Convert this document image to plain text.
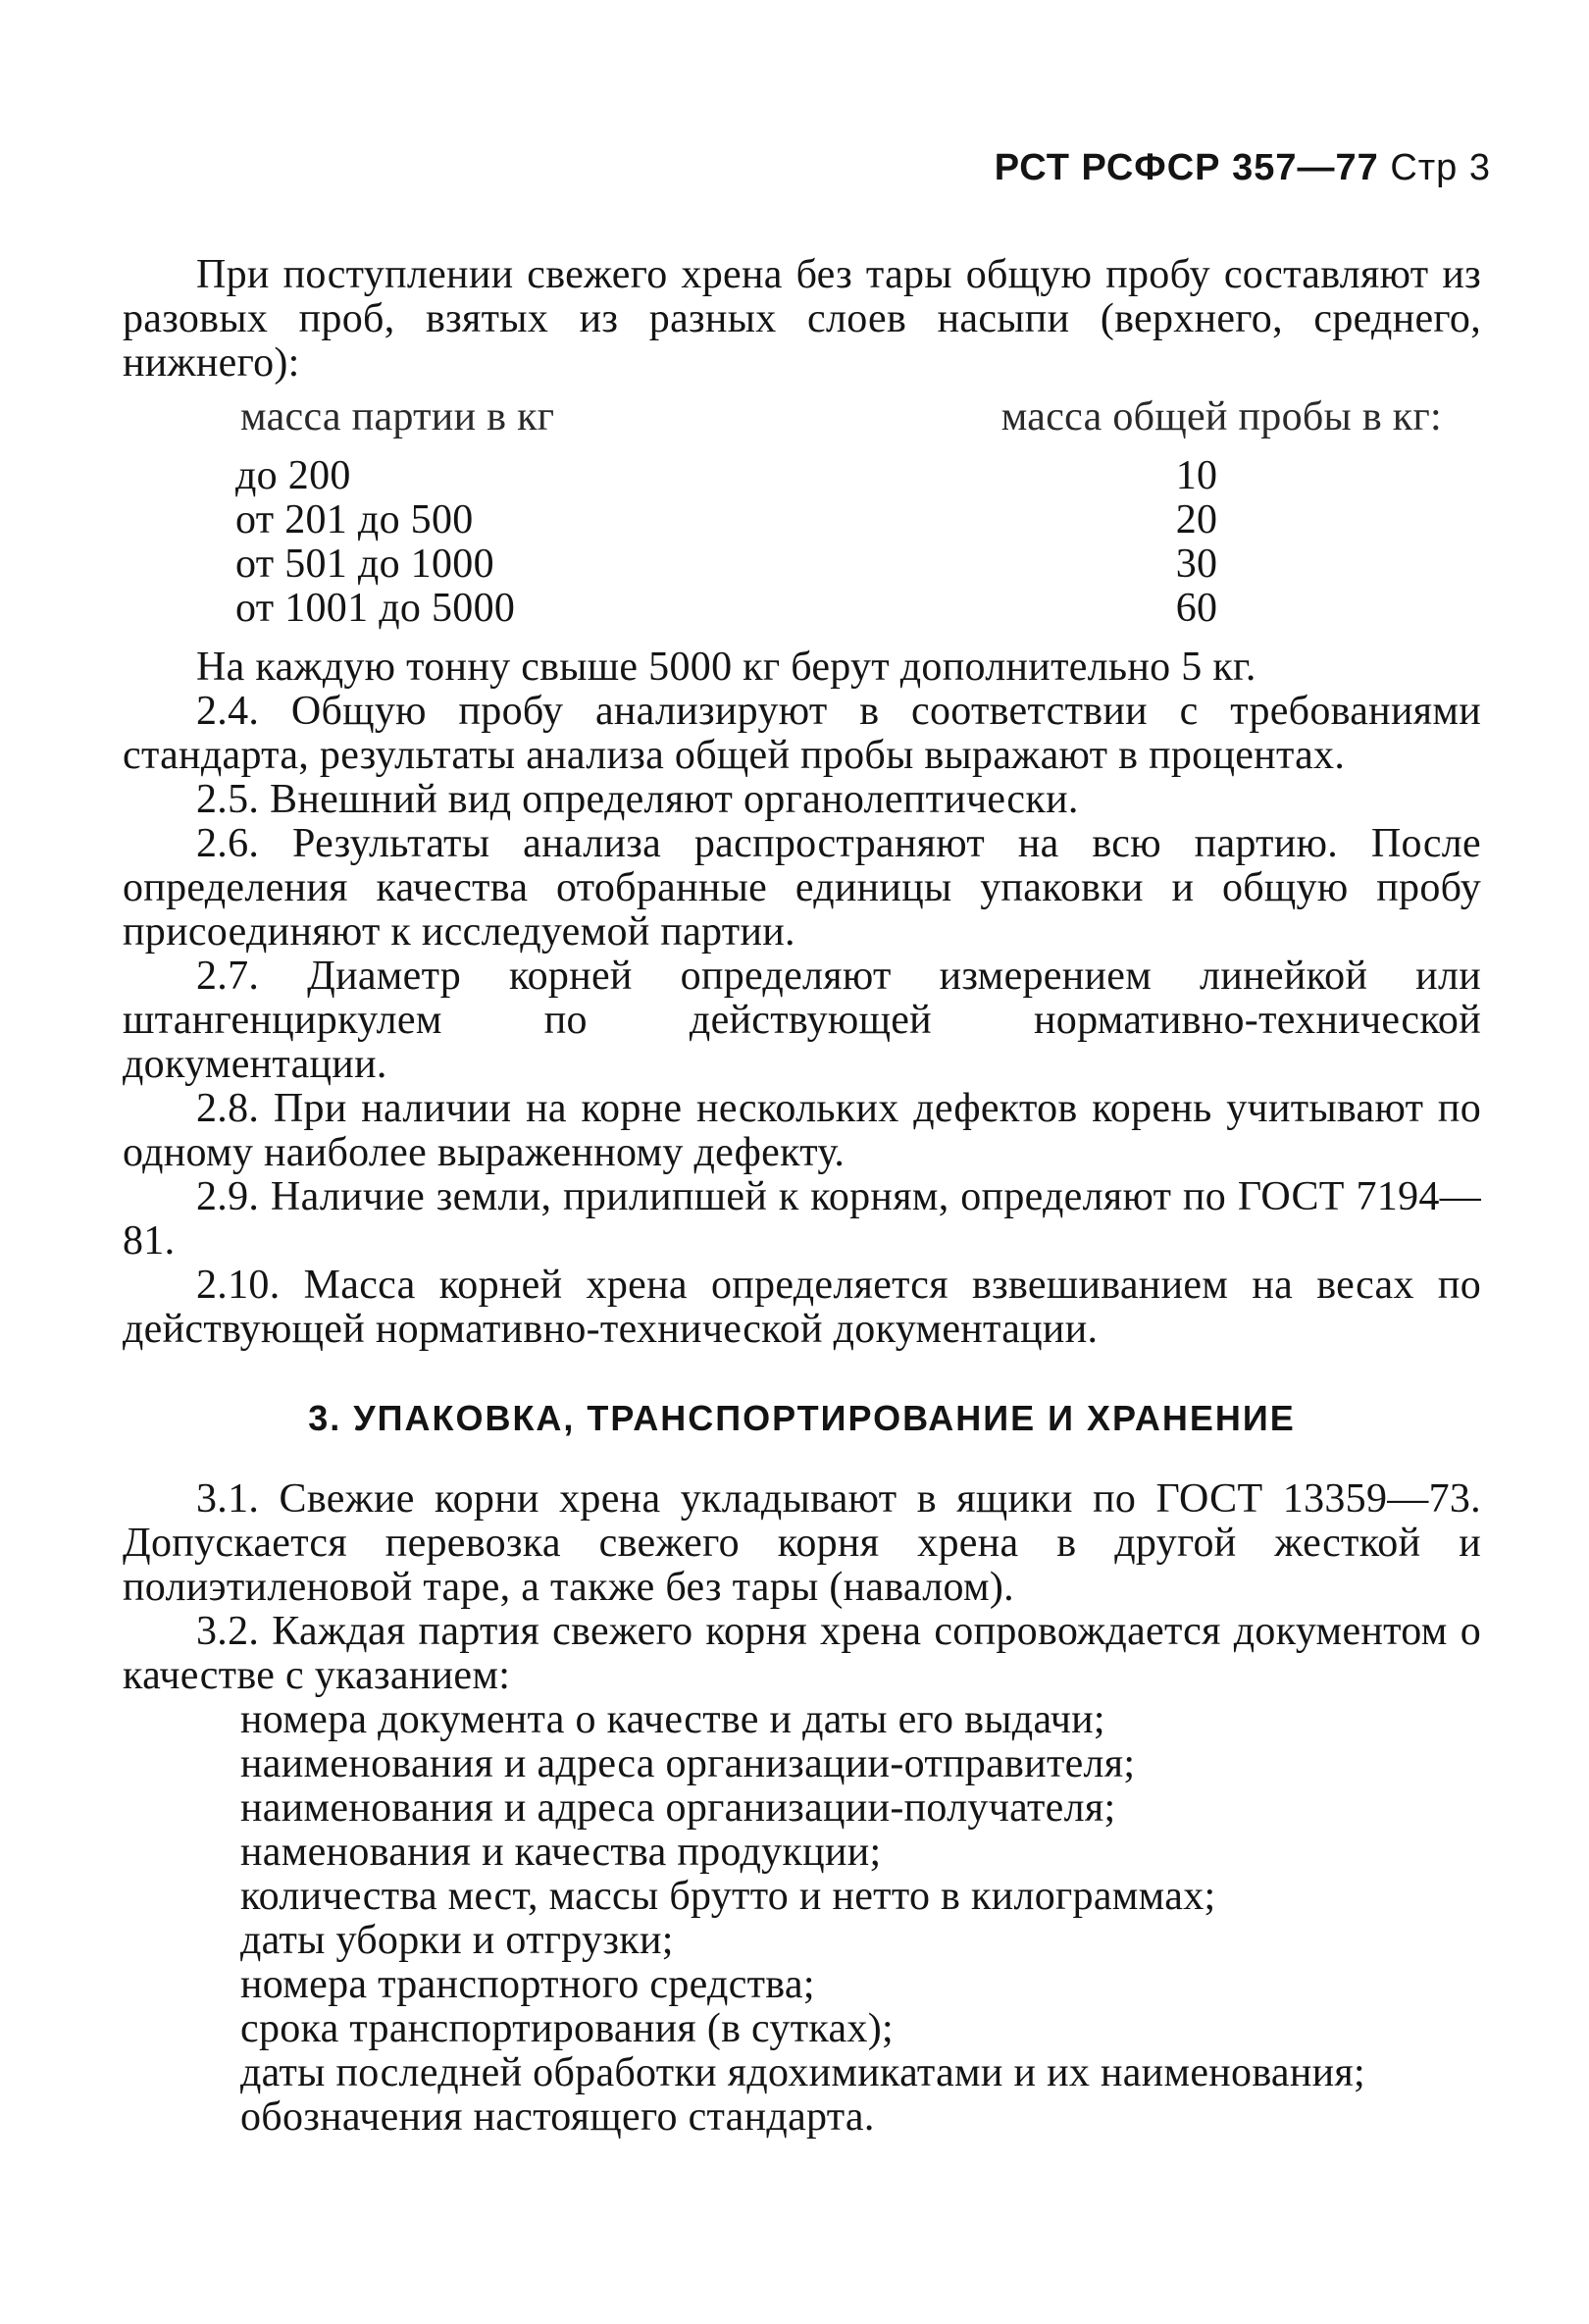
РСТ РСФСР 357—77 Стр 3

При поступлении свежего хрена без тары общую пробу составляют из разовых проб, взятых из разных слоев насыпи (верхнего, среднего, нижнего):

масса партии в кг	масса общей пробы в кг:
до 200	10
от 201 до 500	20
от 501 до 1000	30
от 1001 до 5000	60

На каждую тонну свыше 5000 кг берут дополнительно 5 кг.

2.4. Общую пробу анализируют в соответствии с требованиями стандарта, результаты анализа общей пробы выражают в процентах.

2.5. Внешний вид определяют органолептически.

2.6. Результаты анализа распространяют на всю партию. После определения качества отобранные единицы упаковки и общую пробу присоединяют к исследуемой партии.

2.7. Диаметр корней определяют измерением линейкой или штангенциркулем по действующей нормативно-технической документации.

2.8. При наличии на корне нескольких дефектов корень учитывают по одному наиболее выраженному дефекту.

2.9. Наличие земли, прилипшей к корням, определяют по ГОСТ 7194—81.

2.10. Масса корней хрена определяется взвешиванием на весах по действующей нормативно-технической документации.

3. УПАКОВКА, ТРАНСПОРТИРОВАНИЕ И ХРАНЕНИЕ

3.1. Свежие корни хрена укладывают в ящики по ГОСТ 13359—73. Допускается перевозка свежего корня хрена в другой жесткой и полиэтиленовой таре, а также без тары (навалом).

3.2. Каждая партия свежего корня хрена сопровождается документом о качестве с указанием:

номера документа о качестве и даты его выдачи;
наименования и адреса организации-отправителя;
наименования и адреса организации-получателя;
наменования и качества продукции;
количества мест, массы брутто и нетто в килограммах;
даты уборки и отгрузки;
номера транспортного средства;
срока транспортирования (в сутках);
даты последней обработки ядохимикатами и их наименования;
обозначения настоящего стандарта.
